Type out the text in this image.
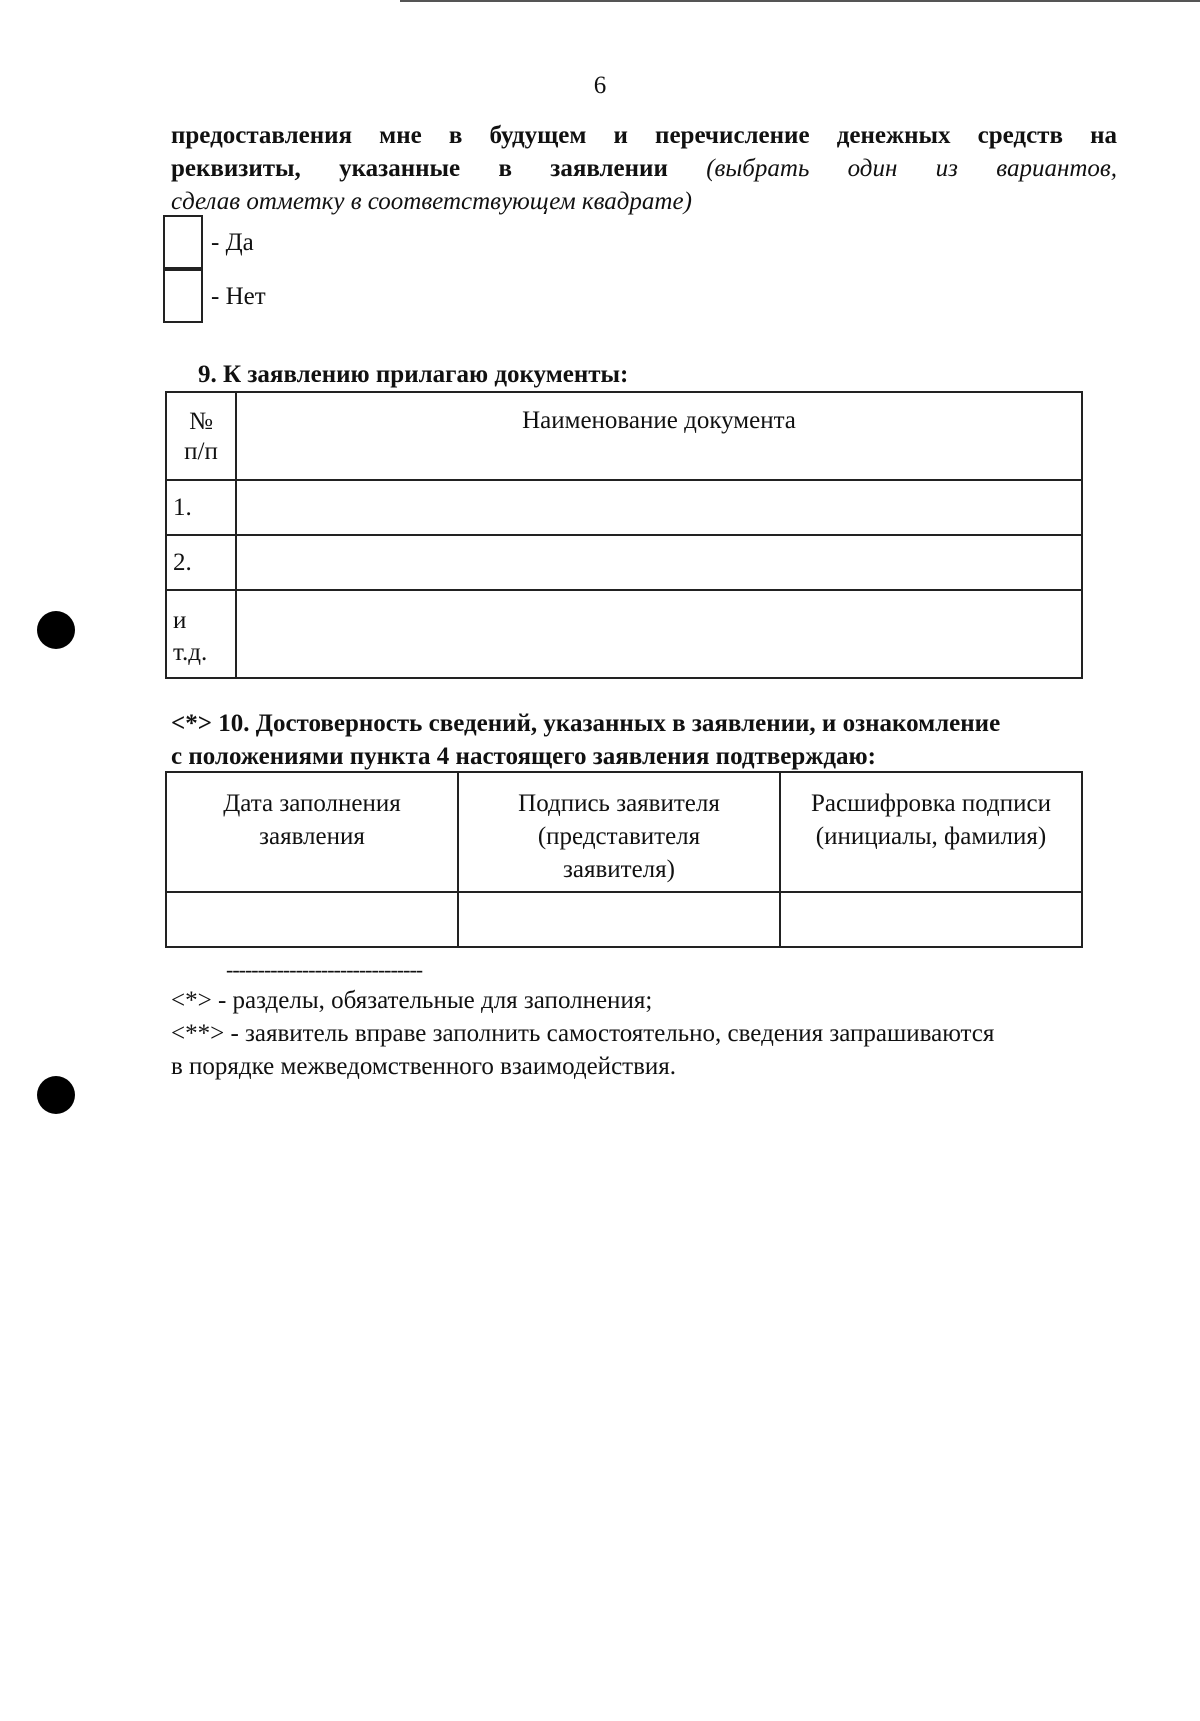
6

предоставления мне в будущем и перечисление денежных средств на

реквизиты, указанные в заявлении (выбрать один из вариантов,

сделав отметку в соответствующем квадрате)

- Да
- Нет
9. К заявлению прилагаю документы:
№ п/п	Наименование документа
1.	
2.	

и т.д.	

<*> 10. Достоверность сведений, указанных в заявлении, и ознакомление
с положениями пункта 4 настоящего заявления подтверждаю:
Дата заполнения заявления	Подпись заявителя (представителя заявителя)	Расшифровка подписи (инициалы, фамилия)

-------------------------------
<*> - разделы, обязательные для заполнения;
<**> - заявитель вправе заполнить самостоятельно, сведения запрашиваются
в порядке межведомственного взаимодействия.
